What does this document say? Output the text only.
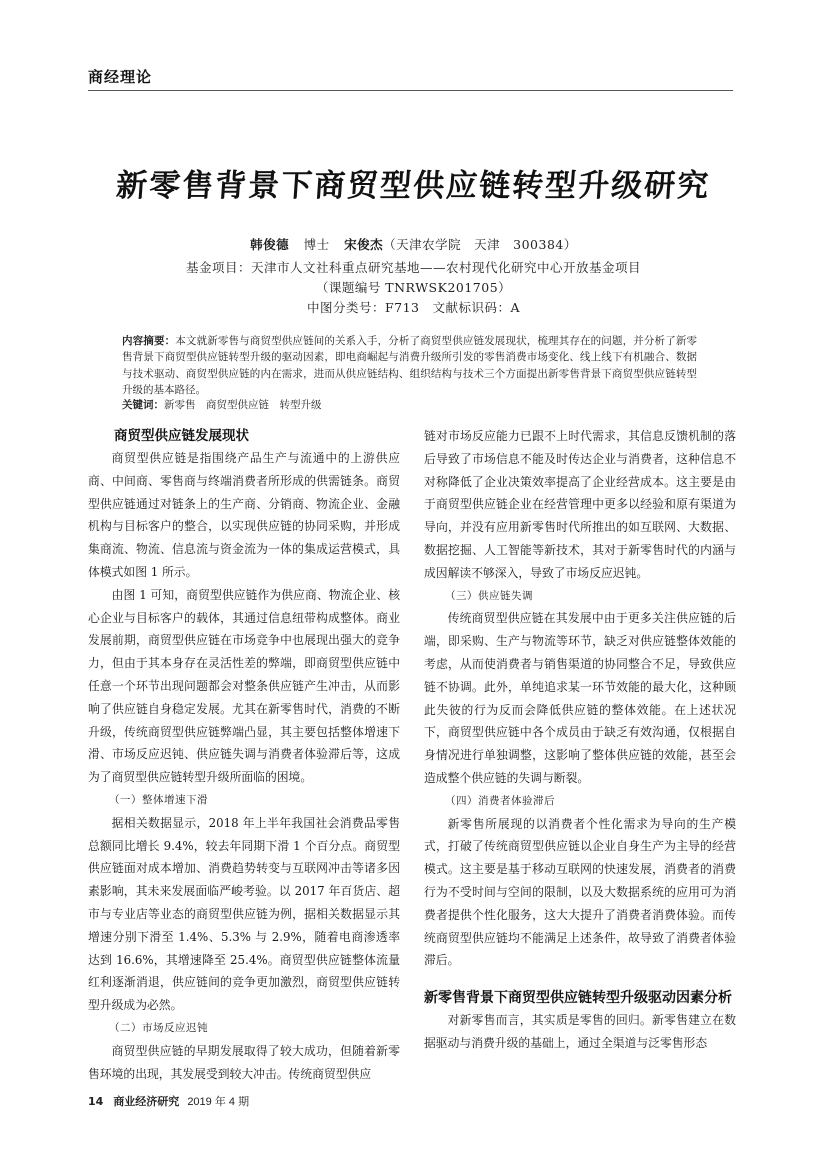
商经理论
新零售背景下商贸型供应链转型升级研究
韩俊德 博士 宋俊杰（天津农学院　天津　300384）
基金项目：天津市人文社科重点研究基地——农村现代化研究中心开放基金项目
（课题编号 TNRWSK201705）
中图分类号：F713　文献标识码：A
内容摘要：本文就新零售与商贸型供应链间的关系入手，分析了商贸型供应链发展现状，梳理其存在的问题，并分析了新零售背景下商贸型供应链转型升级的驱动因素，即电商崛起与消费升级所引发的零售消费市场变化、线上线下有机融合、数据与技术驱动、商贸型供应链的内在需求，进而从供应链结构、组织结构与技术三个方面提出新零售背景下商贸型供应链转型升级的基本路径。
关键词：新零售　商贸型供应链　转型升级
商贸型供应链发展现状

商贸型供应链是指围绕产品生产与流通中的上游供应商、中间商、零售商与终端消费者所形成的供需链条。商贸型供应链通过对链条上的生产商、分销商、物流企业、金融机构与目标客户的整合，以实现供应链的协同采购，并形成集商流、物流、信息流与资金流为一体的集成运营模式，具体模式如图 1 所示。

由图 1 可知，商贸型供应链作为供应商、物流企业、核心企业与目标客户的载体，其通过信息纽带构成整体。商业发展前期，商贸型供应链在市场竞争中也展现出强大的竞争力，但由于其本身存在灵活性差的弊端，即商贸型供应链中任意一个环节出现问题都会对整条供应链产生冲击，从而影响了供应链自身稳定发展。尤其在新零售时代，消费的不断升级，传统商贸型供应链弊端凸显，其主要包括整体增速下滑、市场反应迟钝、供应链失调与消费者体验滞后等，这成为了商贸型供应链转型升级所面临的困境。

（一）整体增速下滑

据相关数据显示，2018 年上半年我国社会消费品零售总额同比增长 9.4%，较去年同期下滑 1 个百分点。商贸型供应链面对成本增加、消费趋势转变与互联网冲击等诸多因素影响，其未来发展面临严峻考验。以 2017 年百货店、超市与专业店等业态的商贸型供应链为例，据相关数据显示其增速分别下滑至 1.4%、5.3% 与 2.9%，随着电商渗透率达到 16.6%，其增速降至 25.4%。商贸型供应链整体流量红利逐渐消退，供应链间的竞争更加激烈，商贸型供应链转型升级成为必然。

（二）市场反应迟钝

商贸型供应链的早期发展取得了较大成功，但随着新零售环境的出现，其发展受到较大冲击。传统商贸型供应

链对市场反应能力已跟不上时代需求，其信息反馈机制的落后导致了市场信息不能及时传达企业与消费者，这种信息不对称降低了企业决策效率提高了企业经营成本。这主要是由于商贸型供应链企业在经营管理中更多以经验和原有渠道为导向，并没有应用新零售时代所推出的如互联网、大数据、数据挖掘、人工智能等新技术，其对于新零售时代的内涵与成因解读不够深入，导致了市场反应迟钝。

（三）供应链失调

传统商贸型供应链在其发展中由于更多关注供应链的后端，即采购、生产与物流等环节，缺乏对供应链整体效能的考虑，从而使消费者与销售渠道的协同整合不足，导致供应链不协调。此外，单纯追求某一环节效能的最大化，这种顾此失彼的行为反而会降低供应链的整体效能。在上述状况下，商贸型供应链中各个成员由于缺乏有效沟通，仅根据自身情况进行单独调整，这影响了整体供应链的效能，甚至会造成整个供应链的失调与断裂。

（四）消费者体验滞后

新零售所展现的以消费者个性化需求为导向的生产模式，打破了传统商贸型供应链以企业自身生产为主导的经营模式。这主要是基于移动互联网的快速发展，消费者的消费行为不受时间与空间的限制，以及大数据系统的应用可为消费者提供个性化服务，这大大提升了消费者消费体验。而传统商贸型供应链均不能满足上述条件，故导致了消费者体验滞后。

新零售背景下商贸型供应链转型升级驱动因素分析

对新零售而言，其实质是零售的回归。新零售建立在数据驱动与消费升级的基础上，通过全渠道与泛零售形态

14 商业经济研究 2019 年 4 期
